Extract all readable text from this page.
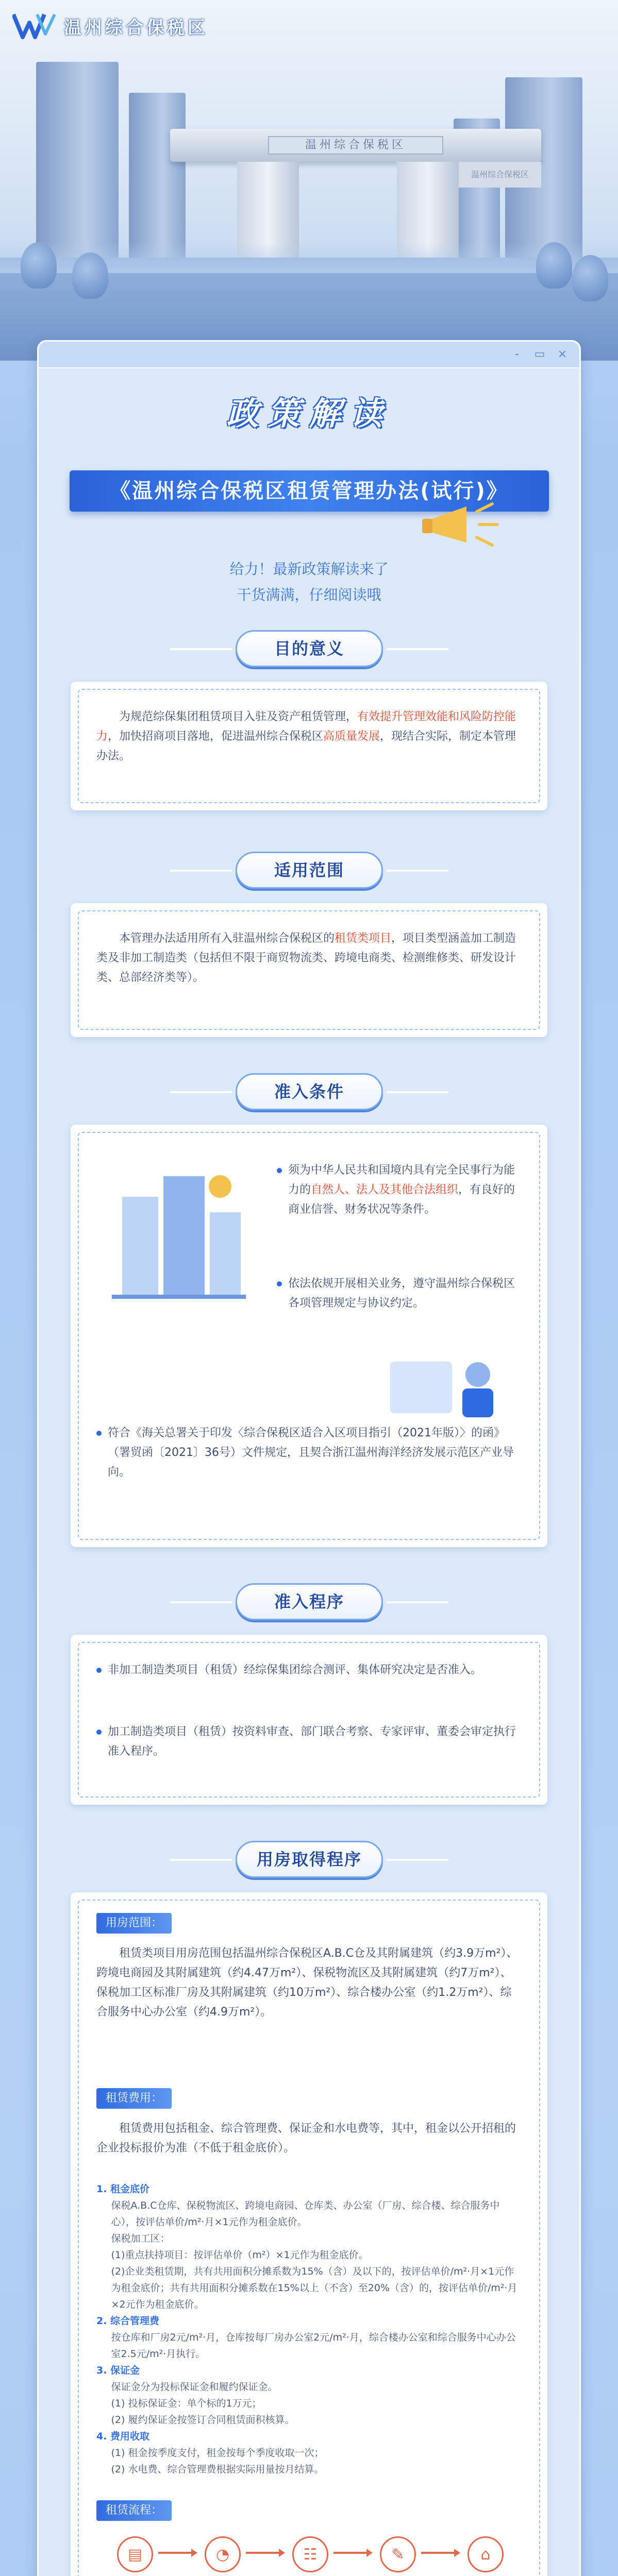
温州综合保税区
温州综合保税区
温州综合保税区
-	▭ ×
政策解读
《温州综合保税区租赁管理办法(试行)》
给力！最新政策解读来了
干货满满，仔细阅读哦
目的意义

为规范综保集团租赁项目入驻及资产租赁管理，有效提升管理效能和风险防控能力，加快招商项目落地，促进温州综合保税区高质量发展，现结合实际，制定本管理办法。

适用范围

本管理办法适用所有入驻温州综合保税区的租赁类项目，项目类型涵盖加工制造类及非加工制造类（包括但不限于商贸物流类、跨境电商类、检测维修类、研发设计类、总部经济类等）。

准入条件
须为中华人民共和国境内具有完全民事行为能力的自然人、法人及其他合法组织，有良好的商业信誉、财务状况等条件。
依法依规开展相关业务，遵守温州综合保税区各项管理规定与协议约定。
符合《海关总署关于印发〈综合保税区适合入区项目指引（2021年版）〉的函》（署贸函〔2021〕36号）文件规定，且契合浙江温州海洋经济发展示范区产业导向。
准入程序
非加工制造类项目（租赁）经综保集团综合测评、集体研究决定是否准入。
加工制造类项目（租赁）按资料审查、部门联合考察、专家评审、董委会审定执行准入程序。
用房取得程序
用房范围：

租赁类项目用房范围包括温州综合保税区A.B.C仓及其附属建筑（约3.9万m²）、跨境电商园及其附属建筑（约4.47万m²）、保税物流区及其附属建筑（约7万m²）、保税加工区标准厂房及其附属建筑（约10万m²）、综合楼办公室（约1.2万m²）、综合服务中心办公室（约4.9万m²）。

租赁费用：

租赁费用包括租金、综合管理费、保证金和水电费等，其中，租金以公开招租的企业投标报价为准（不低于租金底价）。

1. 租金底价
保税A.B.C仓库、保税物流区、跨境电商园、仓库类、办公室（厂房、综合楼、综合服务中心），按评估单价/m²·月×1元作为租金底价。
保税加工区：
(1)重点扶持项目：按评估单价（m²）×1元作为租金底价。
(2)企业类租赁期，共有共用面积分摊系数为15%（含）及以下的，按评估单价/m²·月×1元作为租金底价；共有共用面积分摊系数在15%以上（不含）至20%（含）的，按评估单价/m²·月×2元作为租金底价。
2. 综合管理费
按仓库和厂房2元/m²·月，仓库按每厂房办公室2元/m²·月，综合楼办公室和综合服务中心办公室2.5元/m²·月执行。
3. 保证金
保证金分为投标保证金和履约保证金。
(1) 投标保证金：单个标的1万元；
(2) 履约保证金按签订合同租赁面积核算。
4. 费用收取
(1) 租金按季度支付，租金按每个季度收取一次；
(2) 水电费、综合管理费根据实际用量按月结算。
租赁流程：
▤	◔	☷	✎	⌂
